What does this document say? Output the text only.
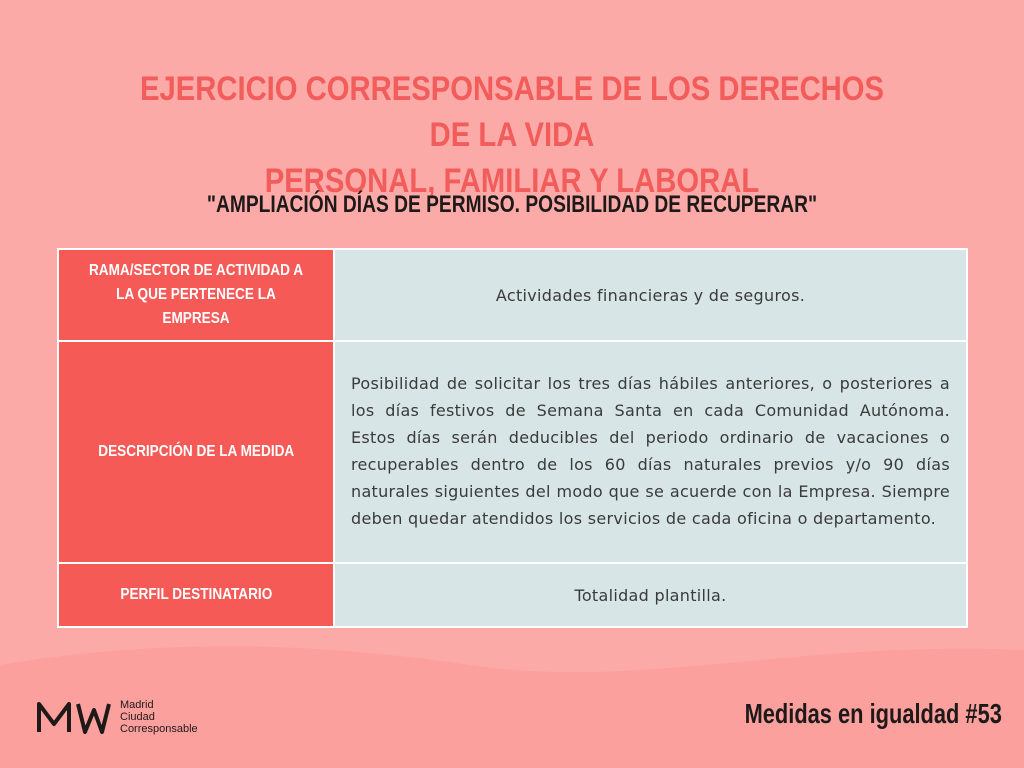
EJERCICIO CORRESPONSABLE DE LOS DERECHOS DE LA VIDA
PERSONAL, FAMILIAR Y LABORAL
"AMPLIACIÓN DÍAS DE PERMISO. POSIBILIDAD DE RECUPERAR"
RAMA/SECTOR DE ACTIVIDAD A LA QUE PERTENECE LA EMPRESA	Actividades financieras y de seguros.
DESCRIPCIÓN DE LA MEDIDA	Posibilidad de solicitar los tres días hábiles anteriores, o posteriores a los días festivos de Semana Santa en cada Comunidad Autónoma. Estos días serán deducibles del periodo ordinario de vacaciones o recuperables dentro de los 60 días naturales previos y/o 90 días naturales siguientes del modo que se acuerde con la Empresa. Siempre deben quedar atendidos los servicios de cada oficina o departamento.
PERFIL DESTINATARIO	Totalidad plantilla.
Madrid
Ciudad
Corresponsable	Medidas en igualdad #53
